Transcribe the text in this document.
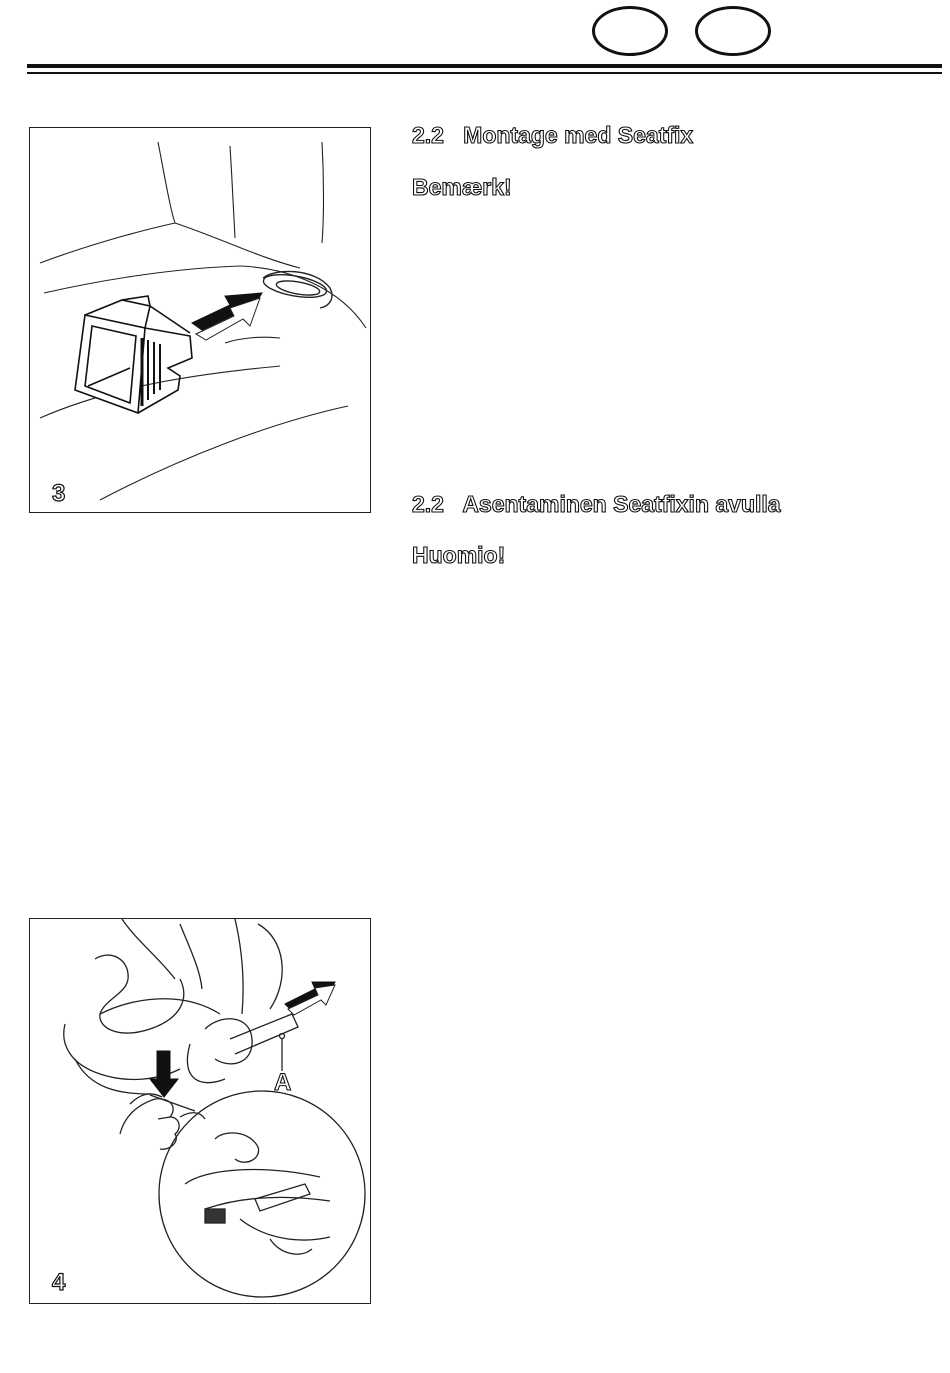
3
A
4
2.2 Montage med Seatfix
Bemærk!
2.2 Asentaminen Seatfixin avulla
Huomio!
